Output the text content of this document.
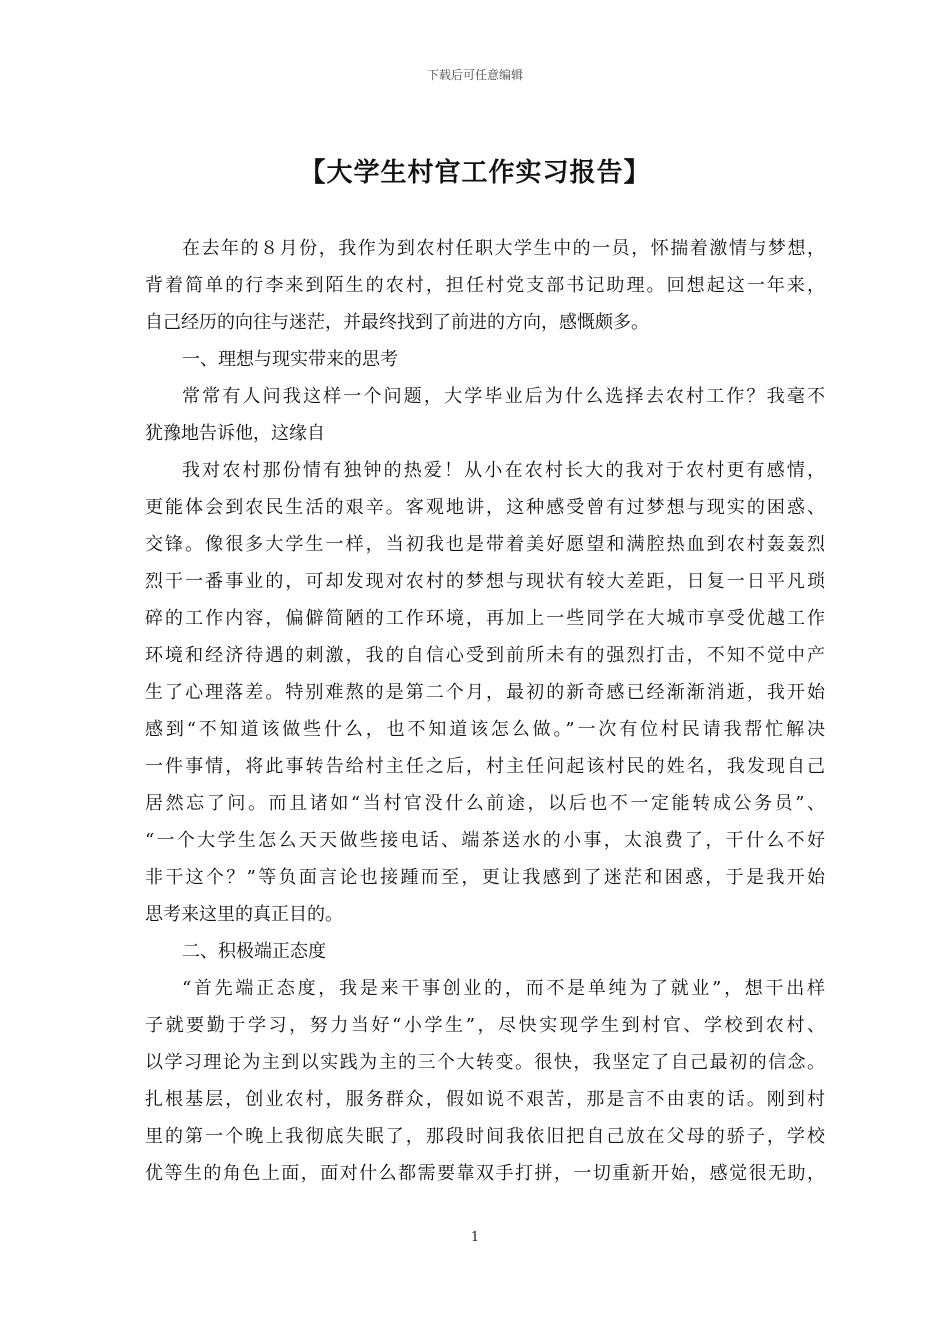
下载后可任意编辑
【大学生村官工作实习报告】
在去年的８月份，我作为到农村任职大学生中的一员，怀揣着激情与梦想，
背着简单的行李来到陌生的农村，担任村党支部书记助理。回想起这一年来，
自己经历的向往与迷茫，并最终找到了前进的方向，感慨颇多。
一、理想与现实带来的思考
常常有人问我这样一个问题，大学毕业后为什么选择去农村工作？我毫不
犹豫地告诉他，这缘自
我对农村那份情有独钟的热爱！从小在农村长大的我对于农村更有感情，
更能体会到农民生活的艰辛。客观地讲，这种感受曾有过梦想与现实的困惑、
交锋。像很多大学生一样，当初我也是带着美好愿望和满腔热血到农村轰轰烈
烈干一番事业的，可却发现对农村的梦想与现状有较大差距，日复一日平凡琐
碎的工作内容，偏僻简陋的工作环境，再加上一些同学在大城市享受优越工作
环境和经济待遇的刺激，我的自信心受到前所未有的强烈打击，不知不觉中产
生了心理落差。特别难熬的是第二个月，最初的新奇感已经渐渐消逝，我开始
感到“不知道该做些什么，也不知道该怎么做。”一次有位村民请我帮忙解决
一件事情，将此事转告给村主任之后，村主任问起该村民的姓名，我发现自己
居然忘了问。而且诸如“当村官没什么前途，以后也不一定能转成公务员”、
“一个大学生怎么天天做些接电话、端茶送水的小事，太浪费了，干什么不好
非干这个？”等负面言论也接踵而至，更让我感到了迷茫和困惑，于是我开始
思考来这里的真正目的。
二、积极端正态度
“首先端正态度，我是来干事创业的，而不是单纯为了就业”，想干出样
子就要勤于学习，努力当好“小学生”，尽快实现学生到村官、学校到农村、
以学习理论为主到以实践为主的三个大转变。很快，我坚定了自己最初的信念。
扎根基层，创业农村，服务群众，假如说不艰苦，那是言不由衷的话。刚到村
里的第一个晚上我彻底失眠了，那段时间我依旧把自己放在父母的骄子，学校
优等生的角色上面，面对什么都需要靠双手打拼，一切重新开始，感觉很无助，
1
